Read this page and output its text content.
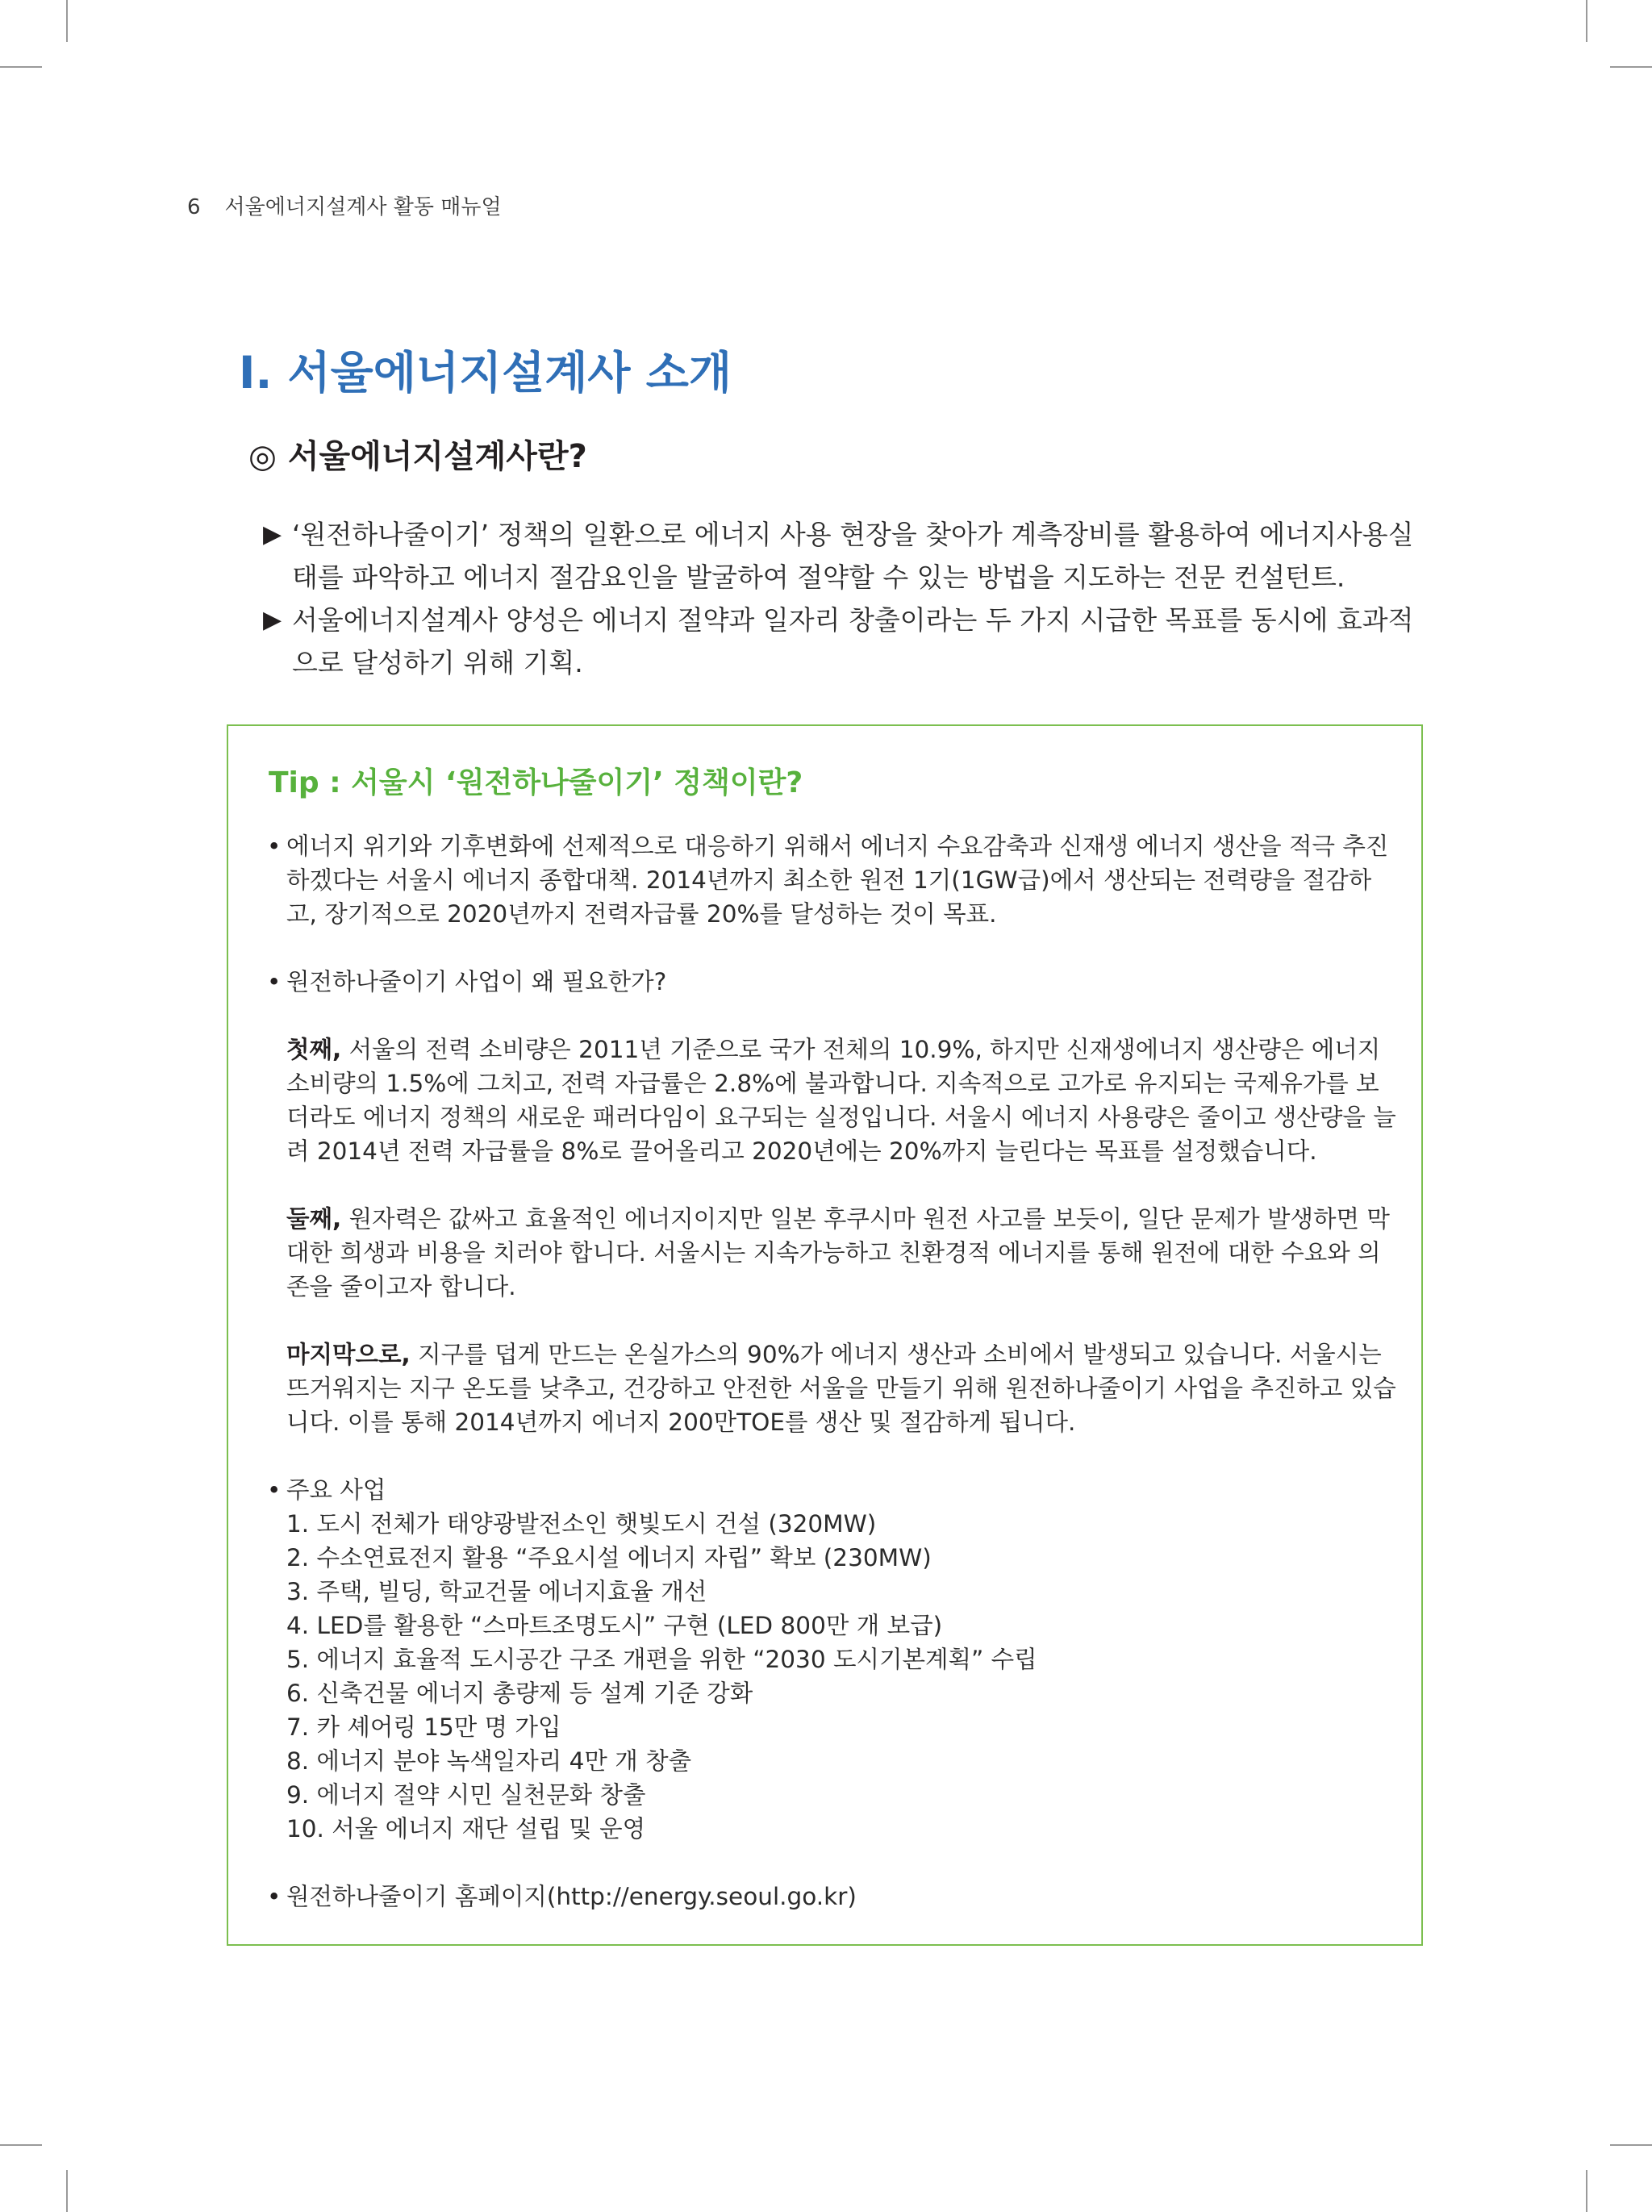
6 서울에너지설계사 활동 매뉴얼
Ⅰ. 서울에너지설계사 소개
◎ 서울에너지설계사란?
▶ ‘원전하나줄이기’ 정책의 일환으로 에너지 사용 현장을 찾아가 계측장비를 활용하여 에너지사용실태를 파악하고 에너지 절감요인을 발굴하여 절약할 수 있는 방법을 지도하는 전문 컨설턴트.
▶ 서울에너지설계사 양성은 에너지 절약과 일자리 창출이라는 두 가지 시급한 목표를 동시에 효과적으로 달성하기 위해 기획.
Tip : 서울시 ‘원전하나줄이기’ 정책이란?
• 에너지 위기와 기후변화에 선제적으로 대응하기 위해서 에너지 수요감축과 신재생 에너지 생산을 적극 추진하겠다는 서울시 에너지 종합대책. 2014년까지 최소한 원전 1기(1GW급)에서 생산되는 전력량을 절감하고, 장기적으로 2020년까지 전력자급률 20%를 달성하는 것이 목표.
• 원전하나줄이기 사업이 왜 필요한가?

첫째, 서울의 전력 소비량은 2011년 기준으로 국가 전체의 10.9%, 하지만 신재생에너지 생산량은 에너지 소비량의 1.5%에 그치고, 전력 자급률은 2.8%에 불과합니다. 지속적으로 고가로 유지되는 국제유가를 보더라도 에너지 정책의 새로운 패러다임이 요구되는 실정입니다. 서울시 에너지 사용량은 줄이고 생산량을 늘려 2014년 전력 자급률을 8%로 끌어올리고 2020년에는 20%까지 늘린다는 목표를 설정했습니다.

둘째, 원자력은 값싸고 효율적인 에너지이지만 일본 후쿠시마 원전 사고를 보듯이, 일단 문제가 발생하면 막대한 희생과 비용을 치러야 합니다. 서울시는 지속가능하고 친환경적 에너지를 통해 원전에 대한 수요와 의존을 줄이고자 합니다.

마지막으로, 지구를 덥게 만드는 온실가스의 90%가 에너지 생산과 소비에서 발생되고 있습니다. 서울시는 뜨거워지는 지구 온도를 낮추고, 건강하고 안전한 서울을 만들기 위해 원전하나줄이기 사업을 추진하고 있습니다. 이를 통해 2014년까지 에너지 200만TOE를 생산 및 절감하게 됩니다.

• 주요 사업
1. 도시 전체가 태양광발전소인 햇빛도시 건설 (320MW)
2. 수소연료전지 활용 “주요시설 에너지 자립” 확보 (230MW)
3. 주택, 빌딩, 학교건물 에너지효율 개선
4. LED를 활용한 “스마트조명도시” 구현 (LED 800만 개 보급)
5. 에너지 효율적 도시공간 구조 개편을 위한 “2030 도시기본계획” 수립
6. 신축건물 에너지 총량제 등 설계 기준 강화
7. 카 셰어링 15만 명 가입
8. 에너지 분야 녹색일자리 4만 개 창출
9. 에너지 절약 시민 실천문화 창출
10. 서울 에너지 재단 설립 및 운영
• 원전하나줄이기 홈페이지(http://energy.seoul.go.kr)
